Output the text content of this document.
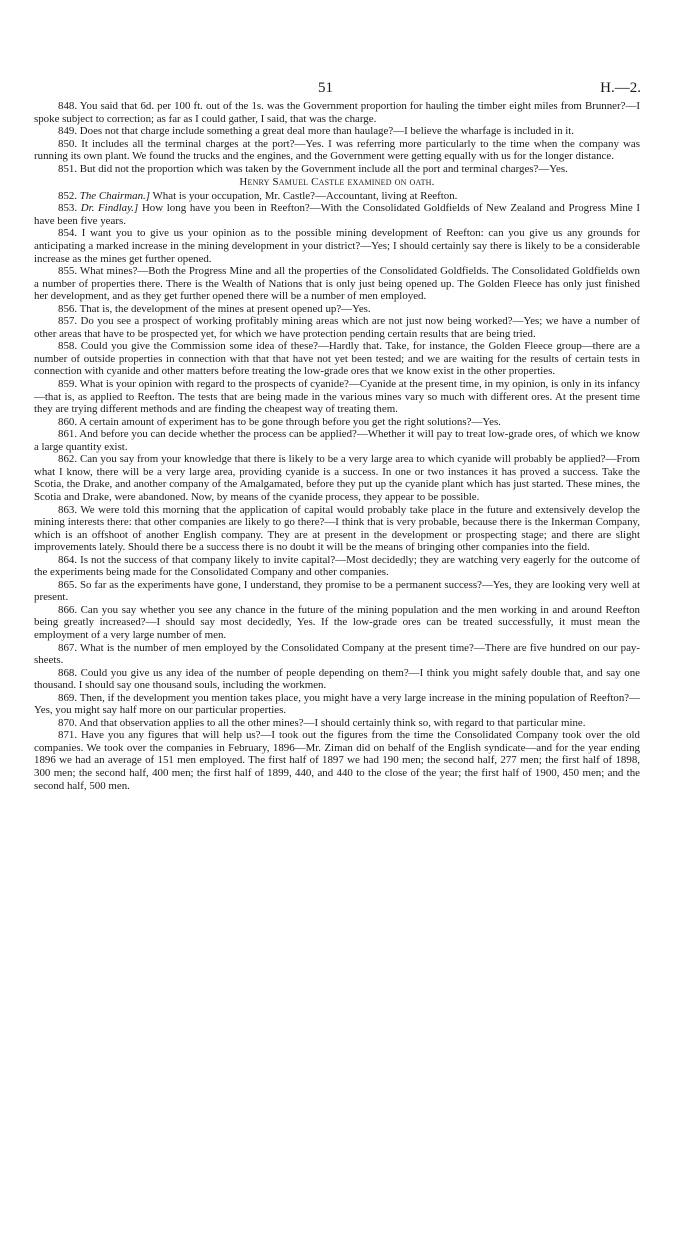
51	H.—2.

848. You said that 6d. per 100 ft. out of the 1s. was the Government proportion for hauling the timber eight miles from Brunner?—I spoke subject to correction; as far as I could gather, I said, that was the charge.

849. Does not that charge include something a great deal more than haulage?—I believe the wharfage is included in it.

850. It includes all the terminal charges at the port?—Yes. I was referring more particularly to the time when the company was running its own plant. We found the trucks and the engines, and the Government were getting equally with us for the longer distance.

851. But did not the proportion which was taken by the Government include all the port and terminal charges?—Yes.

Henry Samuel Castle examined on oath.

852. The Chairman.] What is your occupation, Mr. Castle?—Accountant, living at Reefton.

853. Dr. Findlay.] How long have you been in Reefton?—With the Consolidated Goldfields of New Zealand and Progress Mine I have been five years.

854. I want you to give us your opinion as to the possible mining development of Reefton: can you give us any grounds for anticipating a marked increase in the mining development in your district?—Yes; I should certainly say there is likely to be a considerable increase as the mines get further opened.

855. What mines?—Both the Progress Mine and all the properties of the Consolidated Goldfields. The Consolidated Goldfields own a number of properties there. There is the Wealth of Nations that is only just being opened up. The Golden Fleece has only just finished her development, and as they get further opened there will be a number of men employed.

856. That is, the development of the mines at present opened up?—Yes.

857. Do you see a prospect of working profitably mining areas which are not just now being worked?—Yes; we have a number of other areas that have to be prospected yet, for which we have protection pending certain results that are being tried.

858. Could you give the Commission some idea of these?—Hardly that. Take, for instance, the Golden Fleece group—there are a number of outside properties in connection with that that have not yet been tested; and we are waiting for the results of certain tests in connection with cyanide and other matters before treating the low-grade ores that we know exist in the other properties.

859. What is your opinion with regard to the prospects of cyanide?—Cyanide at the present time, in my opinion, is only in its infancy—that is, as applied to Reefton. The tests that are being made in the various mines vary so much with different ores. At the present time they are trying different methods and are finding the cheapest way of treating them.

860. A certain amount of experiment has to be gone through before you get the right solutions?—Yes.

861. And before you can decide whether the process can be applied?—Whether it will pay to treat low-grade ores, of which we know a large quantity exist.

862. Can you say from your knowledge that there is likely to be a very large area to which cyanide will probably be applied?—From what I know, there will be a very large area, providing cyanide is a success. In one or two instances it has proved a success. Take the Scotia, the Drake, and another company of the Amalgamated, before they put up the cyanide plant which has just started. These mines, the Scotia and Drake, were abandoned. Now, by means of the cyanide process, they appear to be possible.

863. We were told this morning that the application of capital would probably take place in the future and extensively develop the mining interests there: that other companies are likely to go there?—I think that is very probable, because there is the Inkerman Company, which is an offshoot of another English company. They are at present in the development or prospecting stage; and there are slight improvements lately. Should there be a success there is no doubt it will be the means of bringing other companies into the field.

864. Is not the success of that company likely to invite capital?—Most decidedly; they are watching very eagerly for the outcome of the experiments being made for the Consolidated Company and other companies.

865. So far as the experiments have gone, I understand, they promise to be a permanent success?—Yes, they are looking very well at present.

866. Can you say whether you see any chance in the future of the mining population and the men working in and around Reefton being greatly increased?—I should say most decidedly, Yes. If the low-grade ores can be treated successfully, it must mean the employment of a very large number of men.

867. What is the number of men employed by the Consolidated Company at the present time?—There are five hundred on our pay-sheets.

868. Could you give us any idea of the number of people depending on them?—I think you might safely double that, and say one thousand. I should say one thousand souls, including the workmen.

869. Then, if the development you mention takes place, you might have a very large increase in the mining population of Reefton?—Yes, you might say half more on our particular properties.

870. And that observation applies to all the other mines?—I should certainly think so, with regard to that particular mine.

871. Have you any figures that will help us?—I took out the figures from the time the Consolidated Company took over the old companies. We took over the companies in February, 1896—Mr. Ziman did on behalf of the English syndicate—and for the year ending 1896 we had an average of 151 men employed. The first half of 1897 we had 190 men; the second half, 277 men; the first half of 1898, 300 men; the second half, 400 men; the first half of 1899, 440, and 440 to the close of the year; the first half of 1900, 450 men; and the second half, 500 men.
